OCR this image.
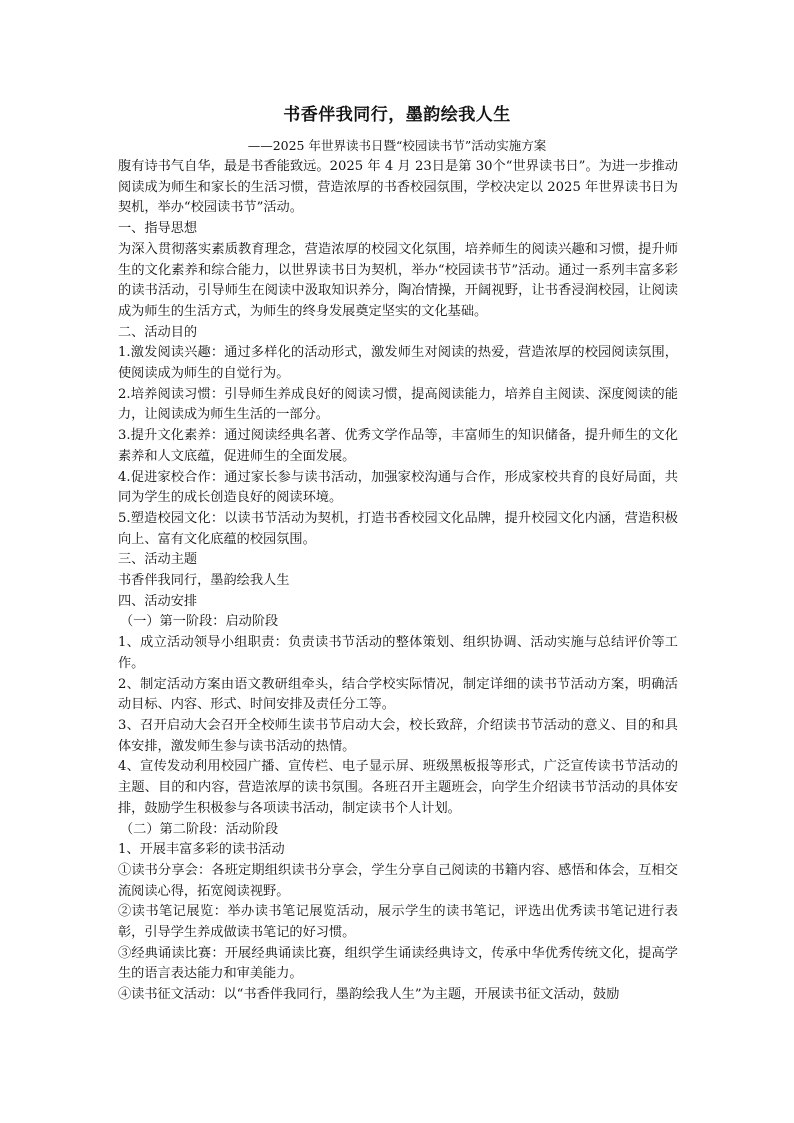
书香伴我同行，墨韵绘我人生
——2025 年世界读书日暨“校园读书节”活动实施方案

腹有诗书气自华，最是书香能致远。2025 年 4 月 23日是第 30个“世界读书日”。为进一步推动阅读成为师生和家长的生活习惯，营造浓厚的书香校园氛围，学校决定以 2025 年世界读书日为契机，举办“校园读书节”活动。

一、指导思想

为深入贯彻落实素质教育理念，营造浓厚的校园文化氛围，培养师生的阅读兴趣和习惯，提升师生的文化素养和综合能力，以世界读书日为契机，举办“校园读书节”活动。通过一系列丰富多彩的读书活动，引导师生在阅读中汲取知识养分，陶冶情操，开阔视野，让书香浸润校园，让阅读成为师生的生活方式，为师生的终身发展奠定坚实的文化基础。

二、活动目的

1.激发阅读兴趣：通过多样化的活动形式，激发师生对阅读的热爱，营造浓厚的校园阅读氛围，使阅读成为师生的自觉行为。

2.培养阅读习惯：引导师生养成良好的阅读习惯，提高阅读能力，培养自主阅读、深度阅读的能力，让阅读成为师生生活的一部分。

3.提升文化素养：通过阅读经典名著、优秀文学作品等，丰富师生的知识储备，提升师生的文化素养和人文底蕴，促进师生的全面发展。

4.促进家校合作：通过家长参与读书活动，加强家校沟通与合作，形成家校共育的良好局面，共同为学生的成长创造良好的阅读环境。

5.塑造校园文化：以读书节活动为契机，打造书香校园文化品牌，提升校园文化内涵，营造积极向上、富有文化底蕴的校园氛围。

三、活动主题

书香伴我同行，墨韵绘我人生

四、活动安排

（一）第一阶段：启动阶段

1、成立活动领导小组职责：负责读书节活动的整体策划、组织协调、活动实施与总结评价等工作。

2、制定活动方案由语文教研组牵头，结合学校实际情况，制定详细的读书节活动方案，明确活动目标、内容、形式、时间安排及责任分工等。

3、召开启动大会召开全校师生读书节启动大会，校长致辞，介绍读书节活动的意义、目的和具体安排，激发师生参与读书活动的热情。

4、宣传发动利用校园广播、宣传栏、电子显示屏、班级黑板报等形式，广泛宣传读书节活动的主题、目的和内容，营造浓厚的读书氛围。各班召开主题班会，向学生介绍读书节活动的具体安排，鼓励学生积极参与各项读书活动，制定读书个人计划。

（二）第二阶段：活动阶段

1、开展丰富多彩的读书活动

①读书分享会：各班定期组织读书分享会，学生分享自己阅读的书籍内容、感悟和体会，互相交流阅读心得，拓宽阅读视野。

②读书笔记展览：举办读书笔记展览活动，展示学生的读书笔记，评选出优秀读书笔记进行表彰，引导学生养成做读书笔记的好习惯。

③经典诵读比赛：开展经典诵读比赛，组织学生诵读经典诗文，传承中华优秀传统文化，提高学生的语言表达能力和审美能力。

④读书征文活动：以“书香伴我同行，墨韵绘我人生”为主题，开展读书征文活动，鼓励
